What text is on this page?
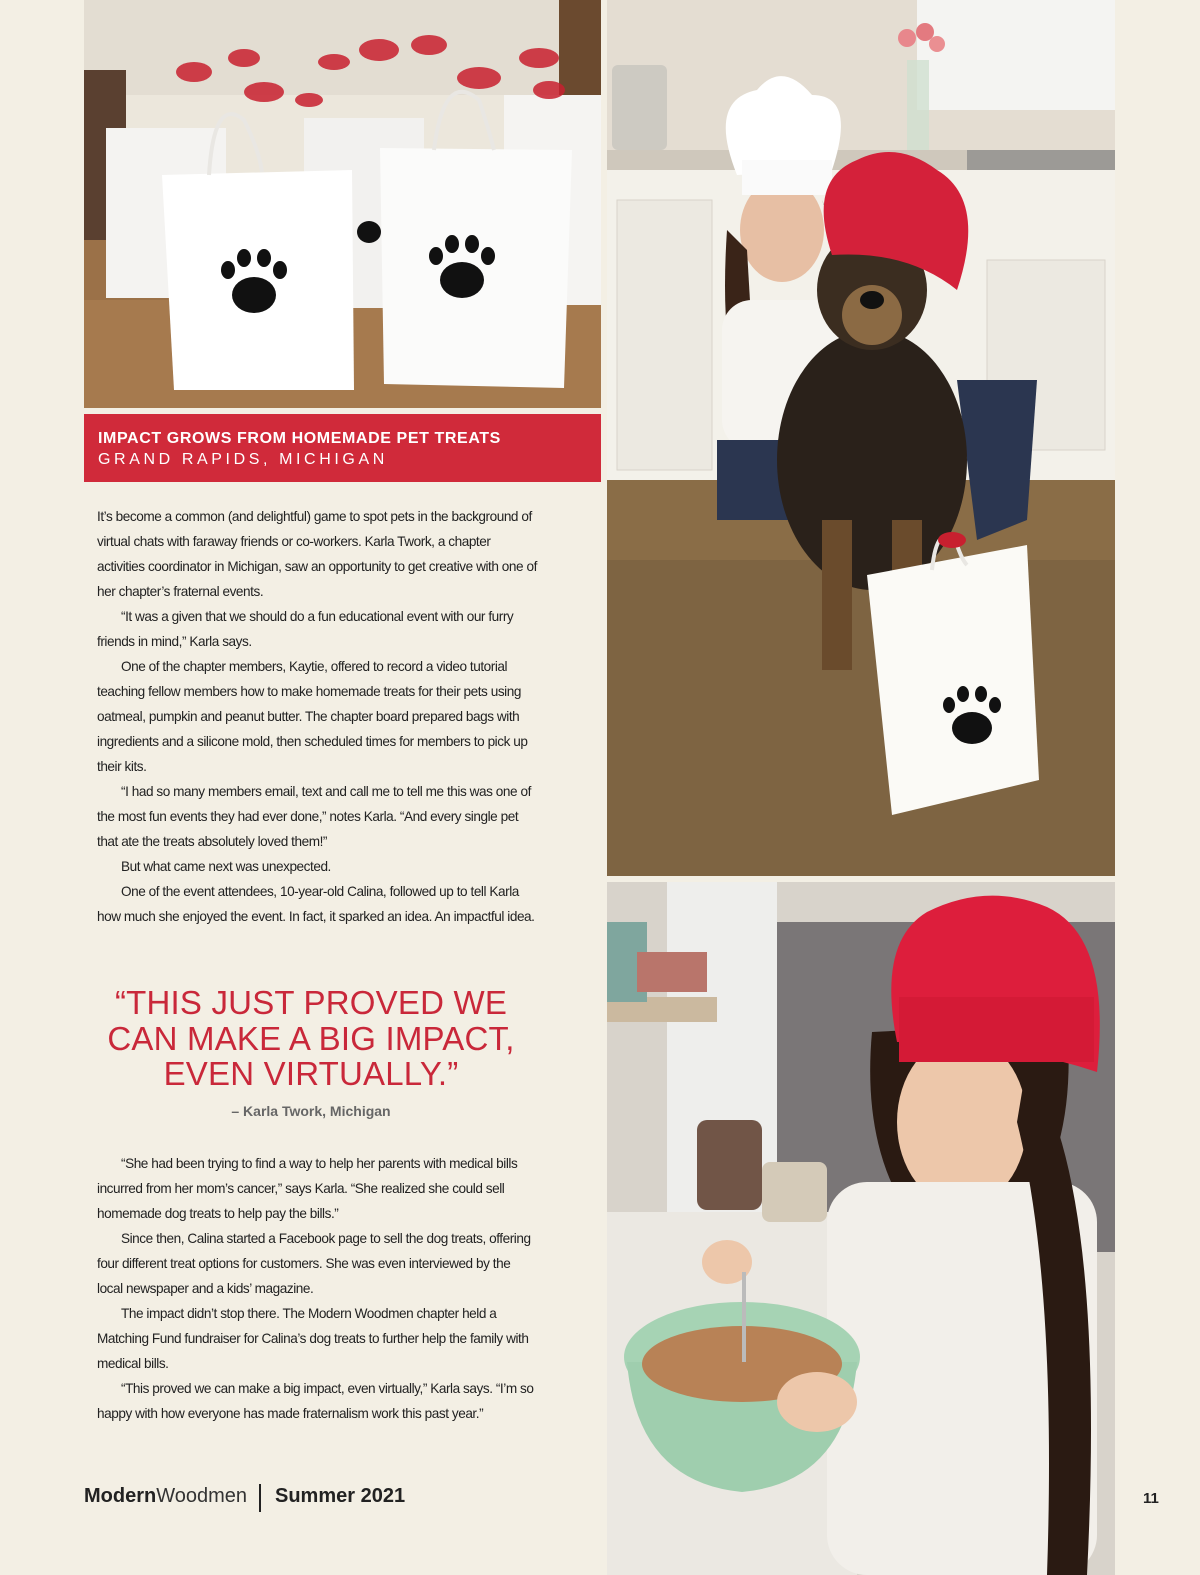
IMPACT GROWS FROM HOMEMADE PET TREATS
GRAND RAPIDS, MICHIGAN

It’s become a common (and delightful) game to spot pets in the background of virtual chats with faraway friends or co-workers. Karla Twork, a chapter activities coordinator in Michigan, saw an opportunity to get creative with one of her chapter’s fraternal events.

“It was a given that we should do a fun educational event with our furry friends in mind,” Karla says.

One of the chapter members, Kaytie, offered to record a video tutorial teaching fellow members how to make homemade treats for their pets using oatmeal, pumpkin and peanut butter. The chapter board prepared bags with ingredients and a silicone mold, then scheduled times for members to pick up their kits.

“I had so many members email, text and call me to tell me this was one of the most fun events they had ever done,” notes Karla. “And every single pet that ate the treats absolutely loved them!”

But what came next was unexpected.

One of the event attendees, 10-year-old Calina, followed up to tell Karla how much she enjoyed the event. In fact, it sparked an idea. An impactful idea.

“THIS JUST PROVED WE CAN MAKE A BIG IMPACT, EVEN VIRTUALLY.”
– Karla Twork, Michigan

“She had been trying to find a way to help her parents with medical bills incurred from her mom’s cancer,” says Karla. “She realized she could sell homemade dog treats to help pay the bills.”

Since then, Calina started a Facebook page to sell the dog treats, offering four different treat options for customers. She was even interviewed by the local newspaper and a kids’ magazine.

The impact didn’t stop there. The Modern Woodmen chapter held a Matching Fund fundraiser for Calina’s dog treats to further help the family with medical bills.

“This proved we can make a big impact, even virtually,” Karla says. “I’m so happy with how everyone has made fraternalism work this past year.”

ModernWoodmen Summer 2021	11
